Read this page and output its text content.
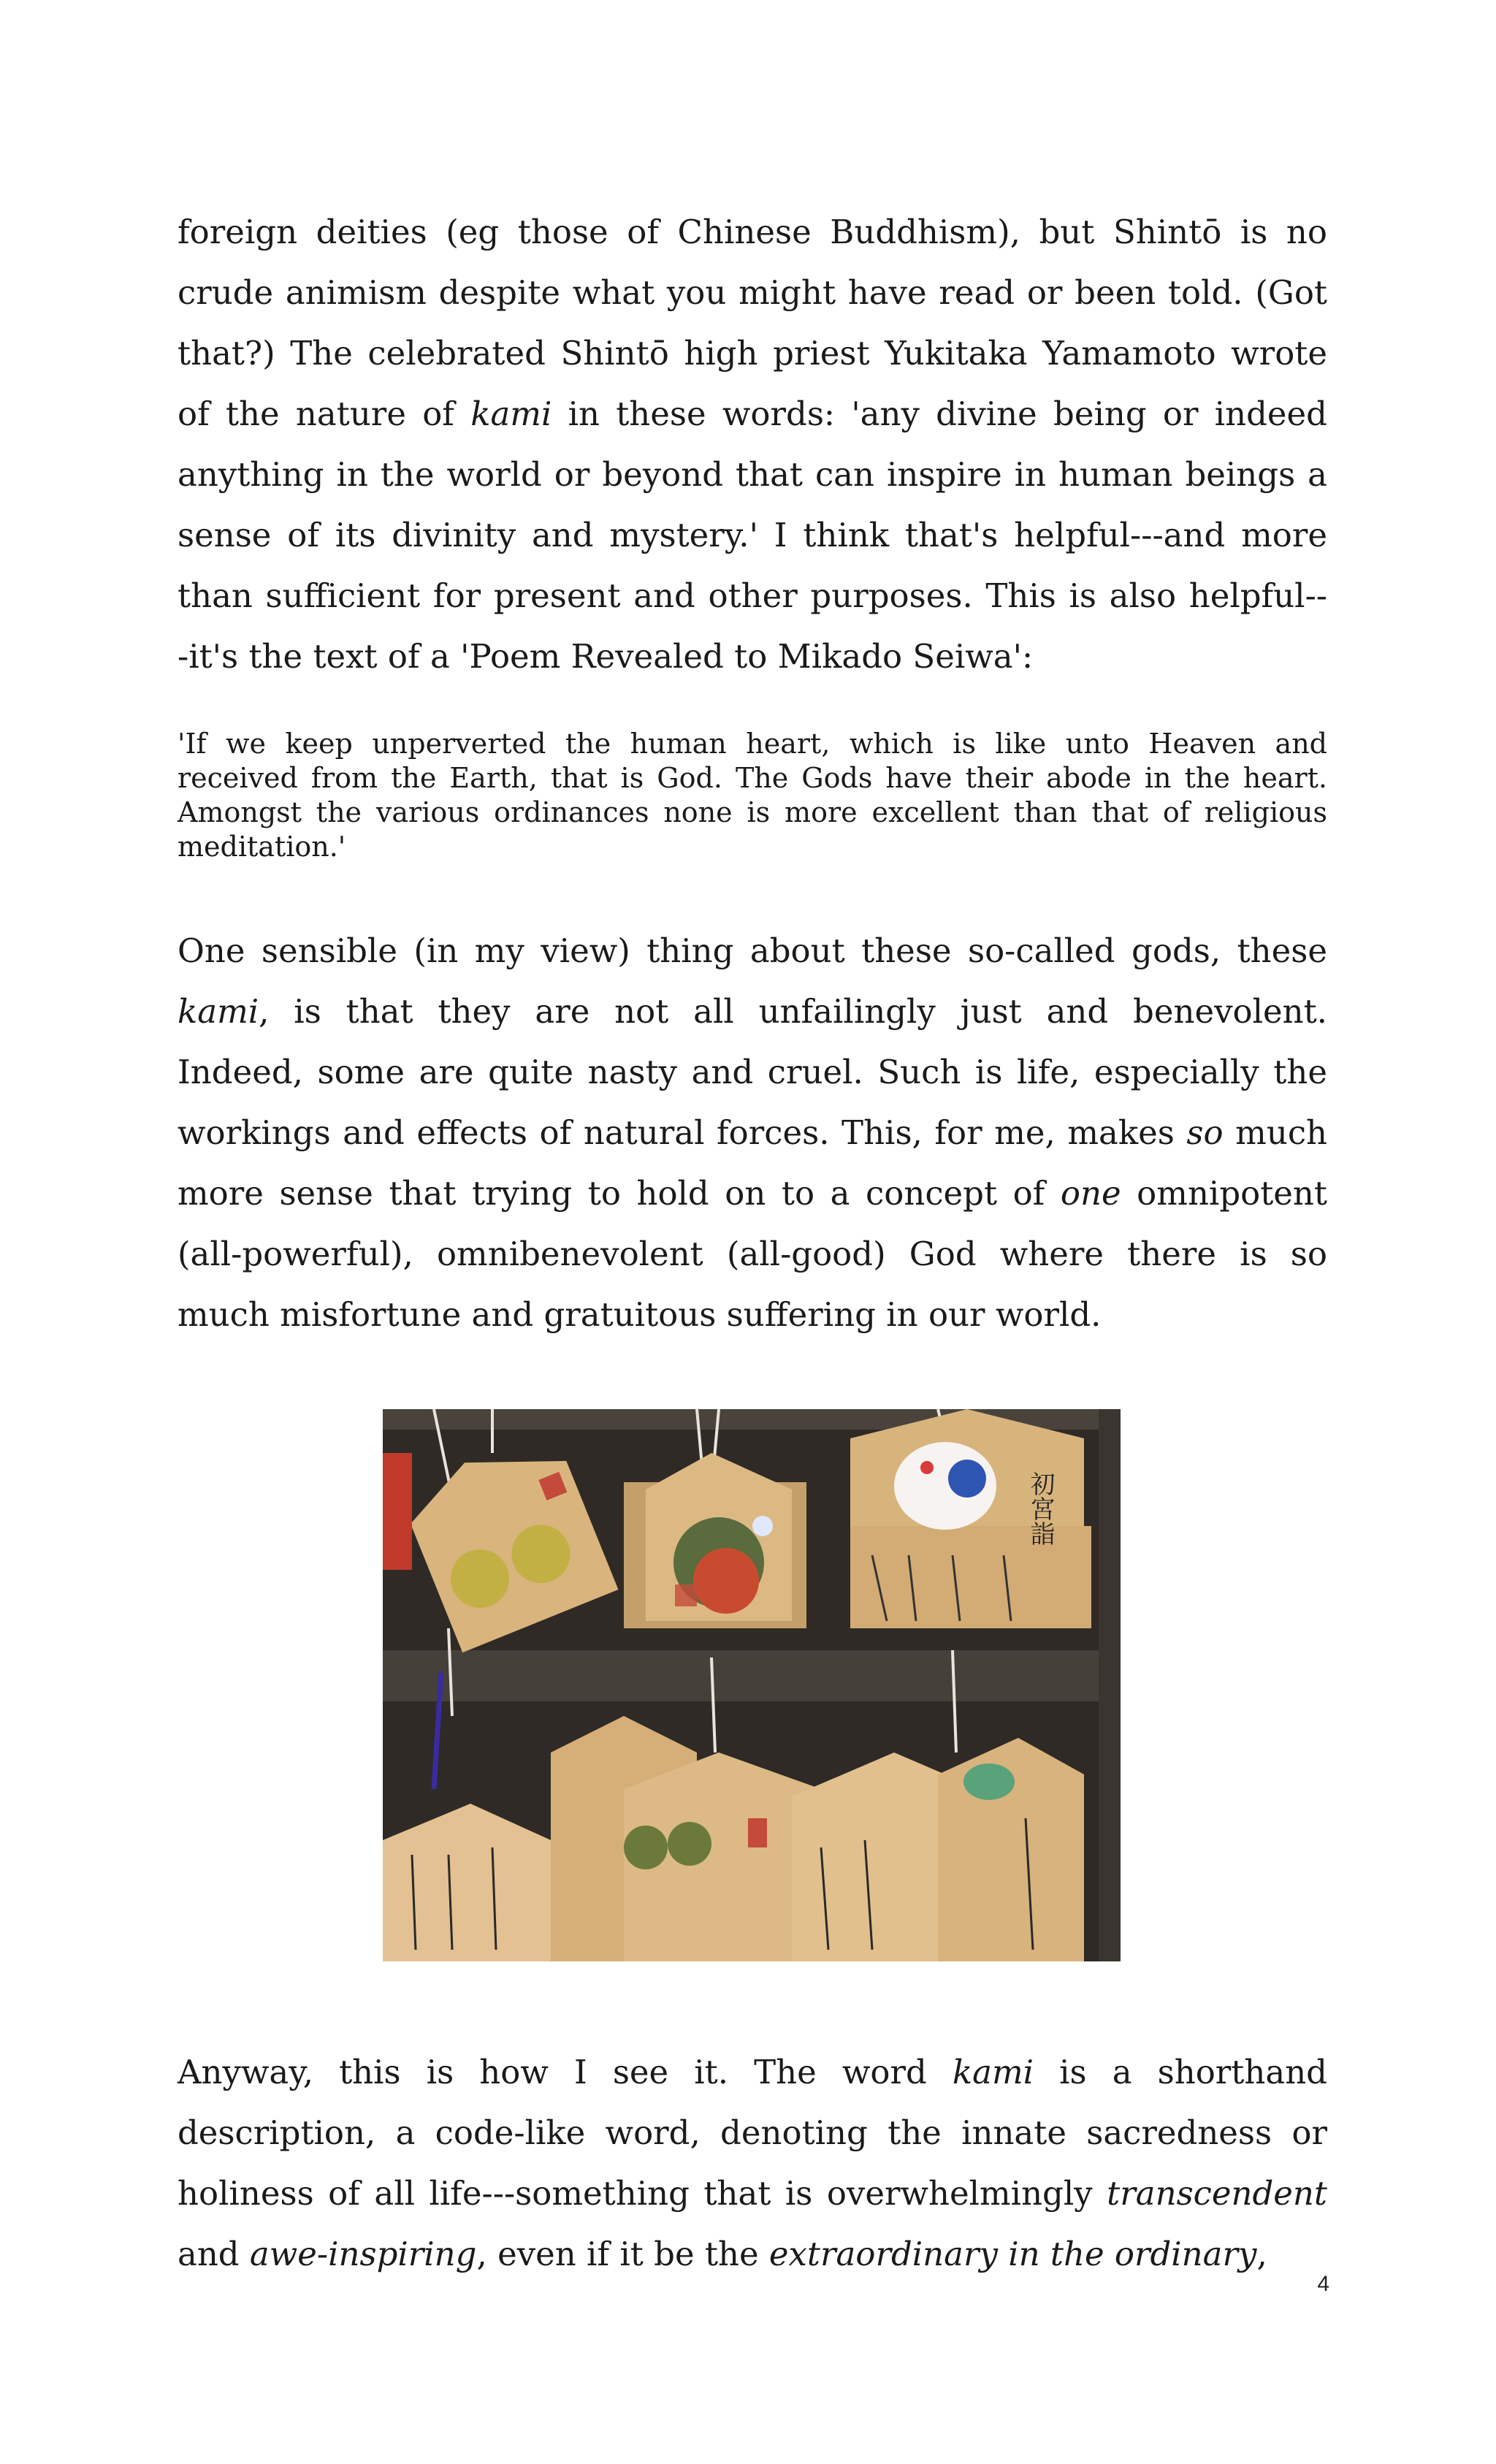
foreign deities (eg those of Chinese Buddhism), but Shintō is no
crude animism despite what you might have read or been told. (Got
that?) The celebrated Shintō high priest Yukitaka Yamamoto wrote
of the nature of kami in these words: 'any divine being or indeed
anything in the world or beyond that can inspire in human beings a
sense of its divinity and mystery.' I think that's helpful---and more
than sufficient for present and other purposes. This is also helpful--
-it's the text of a 'Poem Revealed to Mikado Seiwa':
'If we keep unperverted the human heart, which is like unto Heaven and
received from the Earth, that is God. The Gods have their abode in the heart.
Amongst the various ordinances none is more excellent than that of religious
meditation.'
One sensible (in my view) thing about these so-called gods, these
kami, is that they are not all unfailingly just and benevolent.
Indeed, some are quite nasty and cruel. Such is life, especially the
workings and effects of natural forces. This, for me, makes so much
more sense that trying to hold on to a concept of one omnipotent
(all-powerful), omnibenevolent (all-good) God where there is so
much misfortune and gratuitous suffering in our world.
初宮詣
Anyway, this is how I see it. The word kami is a shorthand
description, a code-like word, denoting the innate sacredness or
holiness of all life---something that is overwhelmingly transcendent
and awe-inspiring, even if it be the extraordinary in the ordinary,
4
